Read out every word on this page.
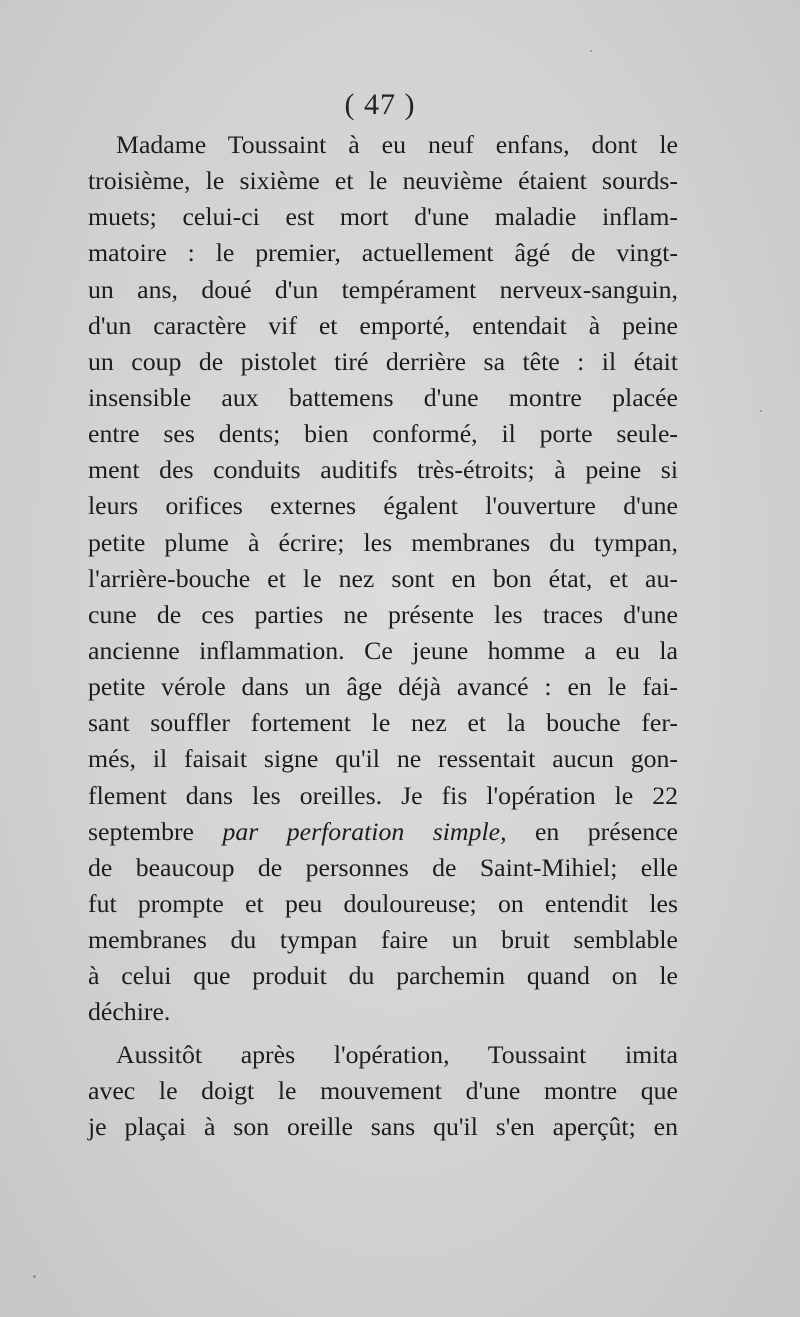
( 47 )
Madame Toussaint à eu neuf enfans, dont le
troisième, le sixième et le neuvième étaient sourds-
muets; celui-ci est mort d'une maladie inflam-
matoire : le premier, actuellement âgé de vingt-
un ans, doué d'un tempérament nerveux-sanguin,
d'un caractère vif et emporté, entendait à peine
un coup de pistolet tiré derrière sa tête : il était
insensible aux battemens d'une montre placée
entre ses dents; bien conformé, il porte seule-
ment des conduits auditifs très-étroits; à peine si
leurs orifices externes égalent l'ouverture d'une
petite plume à écrire; les membranes du tympan,
l'arrière-bouche et le nez sont en bon état, et au-
cune de ces parties ne présente les traces d'une
ancienne inflammation. Ce jeune homme a eu la
petite vérole dans un âge déjà avancé : en le fai-
sant souffler fortement le nez et la bouche fer-
més, il faisait signe qu'il ne ressentait aucun gon-
flement dans les oreilles. Je fis l'opération le 22
septembre par perforation simple, en présence
de beaucoup de personnes de Saint-Mihiel; elle
fut prompte et peu douloureuse; on entendit les
membranes du tympan faire un bruit semblable
à celui que produit du parchemin quand on le
déchire.
Aussitôt après l'opération, Toussaint imita
avec le doigt le mouvement d'une montre que
je plaçai à son oreille sans qu'il s'en aperçût; en
